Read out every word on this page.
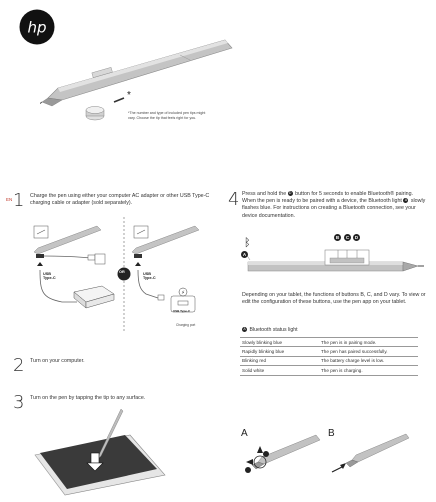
hp
*
*The number and type of included pen tips might vary. Choose the tip that feels right for you.
EN 1 Charge the pen using either your computer AC adapter or other USB Type-C charging cable or adapter (sold separately).
⚡
USB Type-C
USB Type-C
OR
USB Type-C
Charging port
2 Turn on your computer.
3 Turn on the pen by tapping the tip to any surface.
4 Press and hold the D button for 5 seconds to enable Bluetooth® pairing. When the pen is ready to be paired with a device, the Bluetooth light A slowly flashes blue. For instructions on creating a Bluetooth connection, see your device documentation.
ᛒ	B	C	D
A
Depending on your tablet, the functions of buttons B, C, and D vary. To view or edit the configuration of these buttons, use the pen app on your tablet.
A Bluetooth status light
Slowly blinking blue	The pen is in pairing mode.
Rapidly blinking blue	The pen has paired successfully.
Blinking red	The battery charge level is low.
Solid white	The pen is charging.
A	B
